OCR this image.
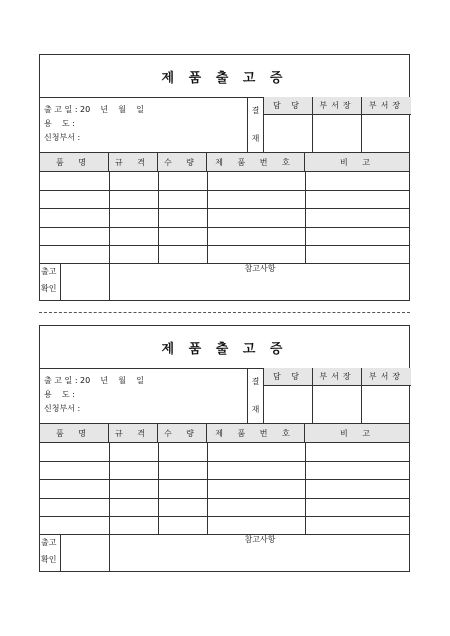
제 품 출 고 증
출 고 일 : 20    년    월    일
용    도 :
신청부서 :
결
재
담 당	부서장	부서장
품 명	규 격	수 량	제 품 번 호	비 고
출고
확인
참고사항
제 품 출 고 증
출 고 일 : 20    년    월    일
용    도 :
신청부서 :
결
재
담 당	부서장	부서장
품 명	규 격	수 량	제 품 번 호	비 고
출고
확인
참고사항
